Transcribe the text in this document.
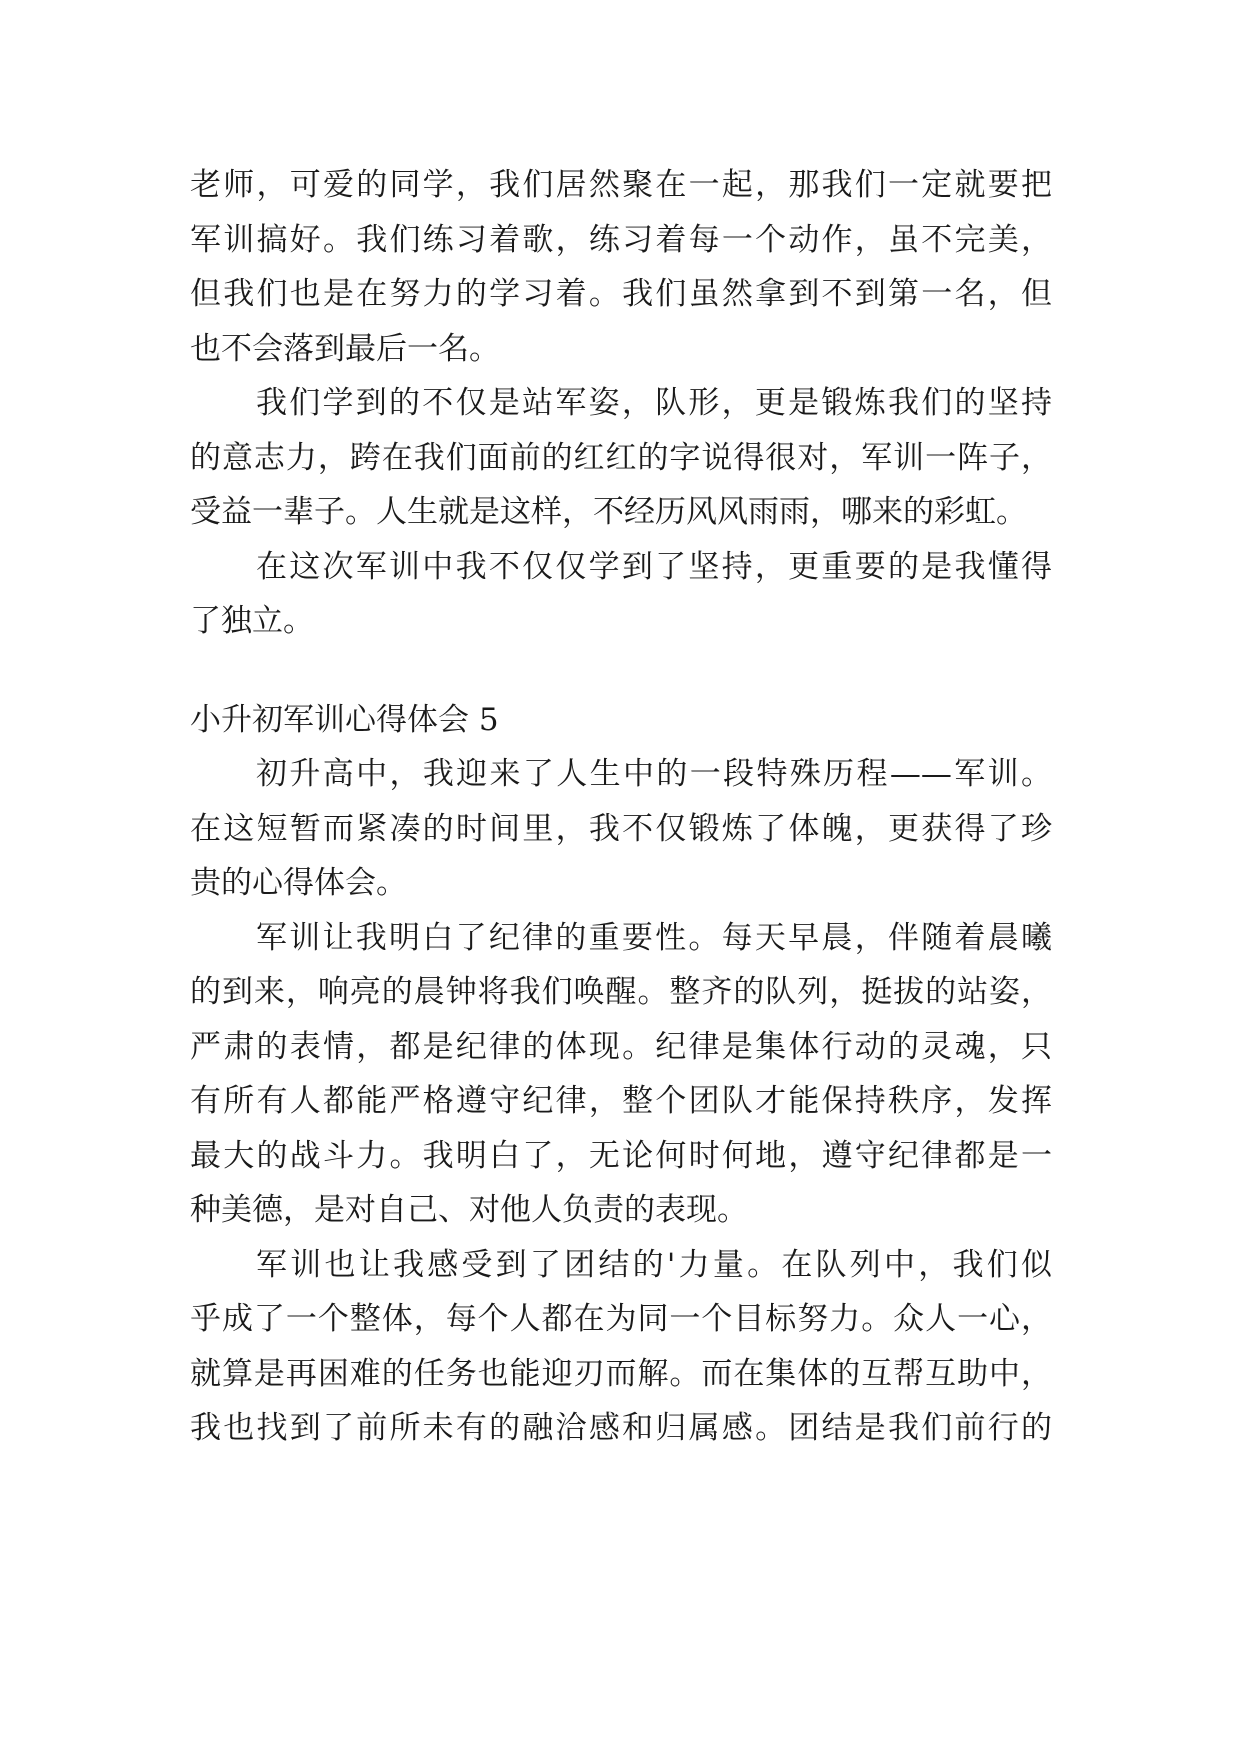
老师，可爱的同学，我们居然聚在一起，那我们一定就要把
军训搞好。我们练习着歌，练习着每一个动作，虽不完美，
但我们也是在努力的学习着。我们虽然拿到不到第一名，但
也不会落到最后一名。
我们学到的不仅是站军姿，队形，更是锻炼我们的坚持
的意志力，跨在我们面前的红红的字说得很对，军训一阵子，
受益一辈子。人生就是这样，不经历风风雨雨，哪来的彩虹。
在这次军训中我不仅仅学到了坚持，更重要的是我懂得
了独立。
小升初军训心得体会 5
初升高中，我迎来了人生中的一段特殊历程——军训。
在这短暂而紧凑的时间里，我不仅锻炼了体魄，更获得了珍
贵的心得体会。
军训让我明白了纪律的重要性。每天早晨，伴随着晨曦
的到来，响亮的晨钟将我们唤醒。整齐的队列，挺拔的站姿，
严肃的表情，都是纪律的体现。纪律是集体行动的灵魂，只
有所有人都能严格遵守纪律，整个团队才能保持秩序，发挥
最大的战斗力。我明白了，无论何时何地，遵守纪律都是一
种美德，是对自己、对他人负责的表现。
军训也让我感受到了团结的'力量。在队列中，我们似
乎成了一个整体，每个人都在为同一个目标努力。众人一心，
就算是再困难的任务也能迎刃而解。而在集体的互帮互助中，
我也找到了前所未有的融洽感和归属感。团结是我们前行的
